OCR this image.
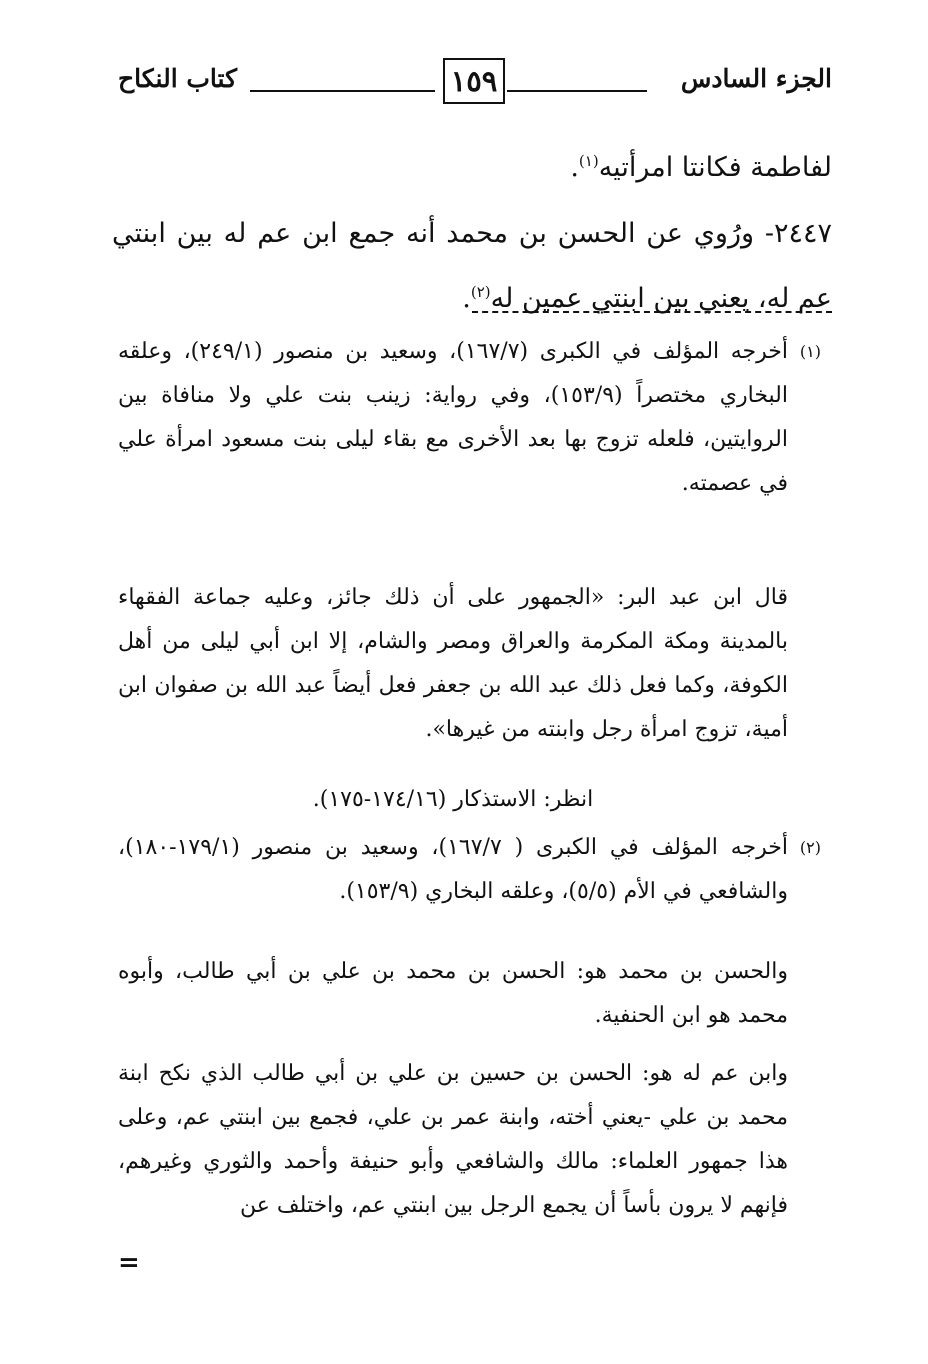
الجزء السادس
١٥٩
كتاب النكاح

لفاطمة فكانتا امرأتيه$^{(١)}$.

٢٤٤٧- ورُوي عن الحسن بن محمد أنه جمع ابن عم له بين ابنتي عم له، يعني بين ابنتي عمين له$^{(٢)}$.

(١)

أخرجه المؤلف في الكبرى (١٦٧/٧)، وسعيد بن منصور (٢٤٩/١)، وعلقه البخاري مختصراً (١٥٣/٩)، وفي رواية: زينب بنت علي ولا منافاة بين الروايتين، فلعله تزوج بها بعد الأخرى مع بقاء ليلى بنت مسعود امرأة علي في عصمته.

قال ابن عبد البر: «الجمهور على أن ذلك جائز، وعليه جماعة الفقهاء بالمدينة ومكة المكرمة والعراق ومصر والشام، إلا ابن أبي ليلى من أهل الكوفة، وكما فعل ذلك عبد الله بن جعفر فعل أيضاً عبد الله بن صفوان ابن أمية، تزوج امرأة رجل وابنته من غيرها».

انظر: الاستذكار (١٧٤/١٦-١٧٥).

(٢)

أخرجه المؤلف في الكبرى ( ١٦٧/٧)، وسعيد بن منصور (١٧٩/١-١٨٠)، والشافعي في الأم (٥/٥)، وعلقه البخاري (١٥٣/٩).

والحسن بن محمد هو: الحسن بن محمد بن علي بن أبي طالب، وأبوه محمد هو ابن الحنفية.

وابن عم له هو: الحسن بن حسين بن علي بن أبي طالب الذي نكح ابنة محمد بن علي -يعني أخته، وابنة عمر بن علي، فجمع بين ابنتي عم، وعلى هذا جمهور العلماء: مالك والشافعي وأبو حنيفة وأحمد والثوري وغيرهم، فإنهم لا يرون بأساً أن يجمع الرجل بين ابنتي عم، واختلف عن

=
